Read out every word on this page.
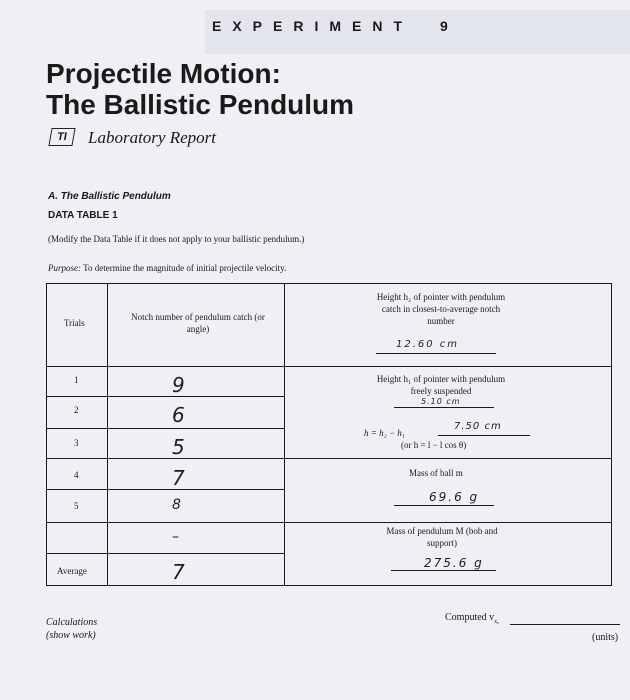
EXPERIMENT 9
Projectile Motion:
The Ballistic Pendulum
TI	Laboratory Report
A. The Ballistic Pendulum
DATA TABLE 1
(Modify the Data Table if it does not apply to your ballistic pendulum.)
Purpose: To determine the magnitude of initial projectile velocity.
Trials
Notch number of pendulum catch (or angle)
1
2
3
4
5
Average
9
6
5
7
8
–
7
Height h₂ of pointer with pendulum catch in closest-to-average notch number
12.60 cm
Height h₁ of pointer with pendulum freely suspended
5.10 cm
h = h₂ − h₁
7.50 cm
(or h = l − l cos θ)
Mass of ball m
69.6 g
Mass of pendulum M (bob and support)
275.6 g
Calculations
(show work)
Computed $v_{x_0}$
(units)
